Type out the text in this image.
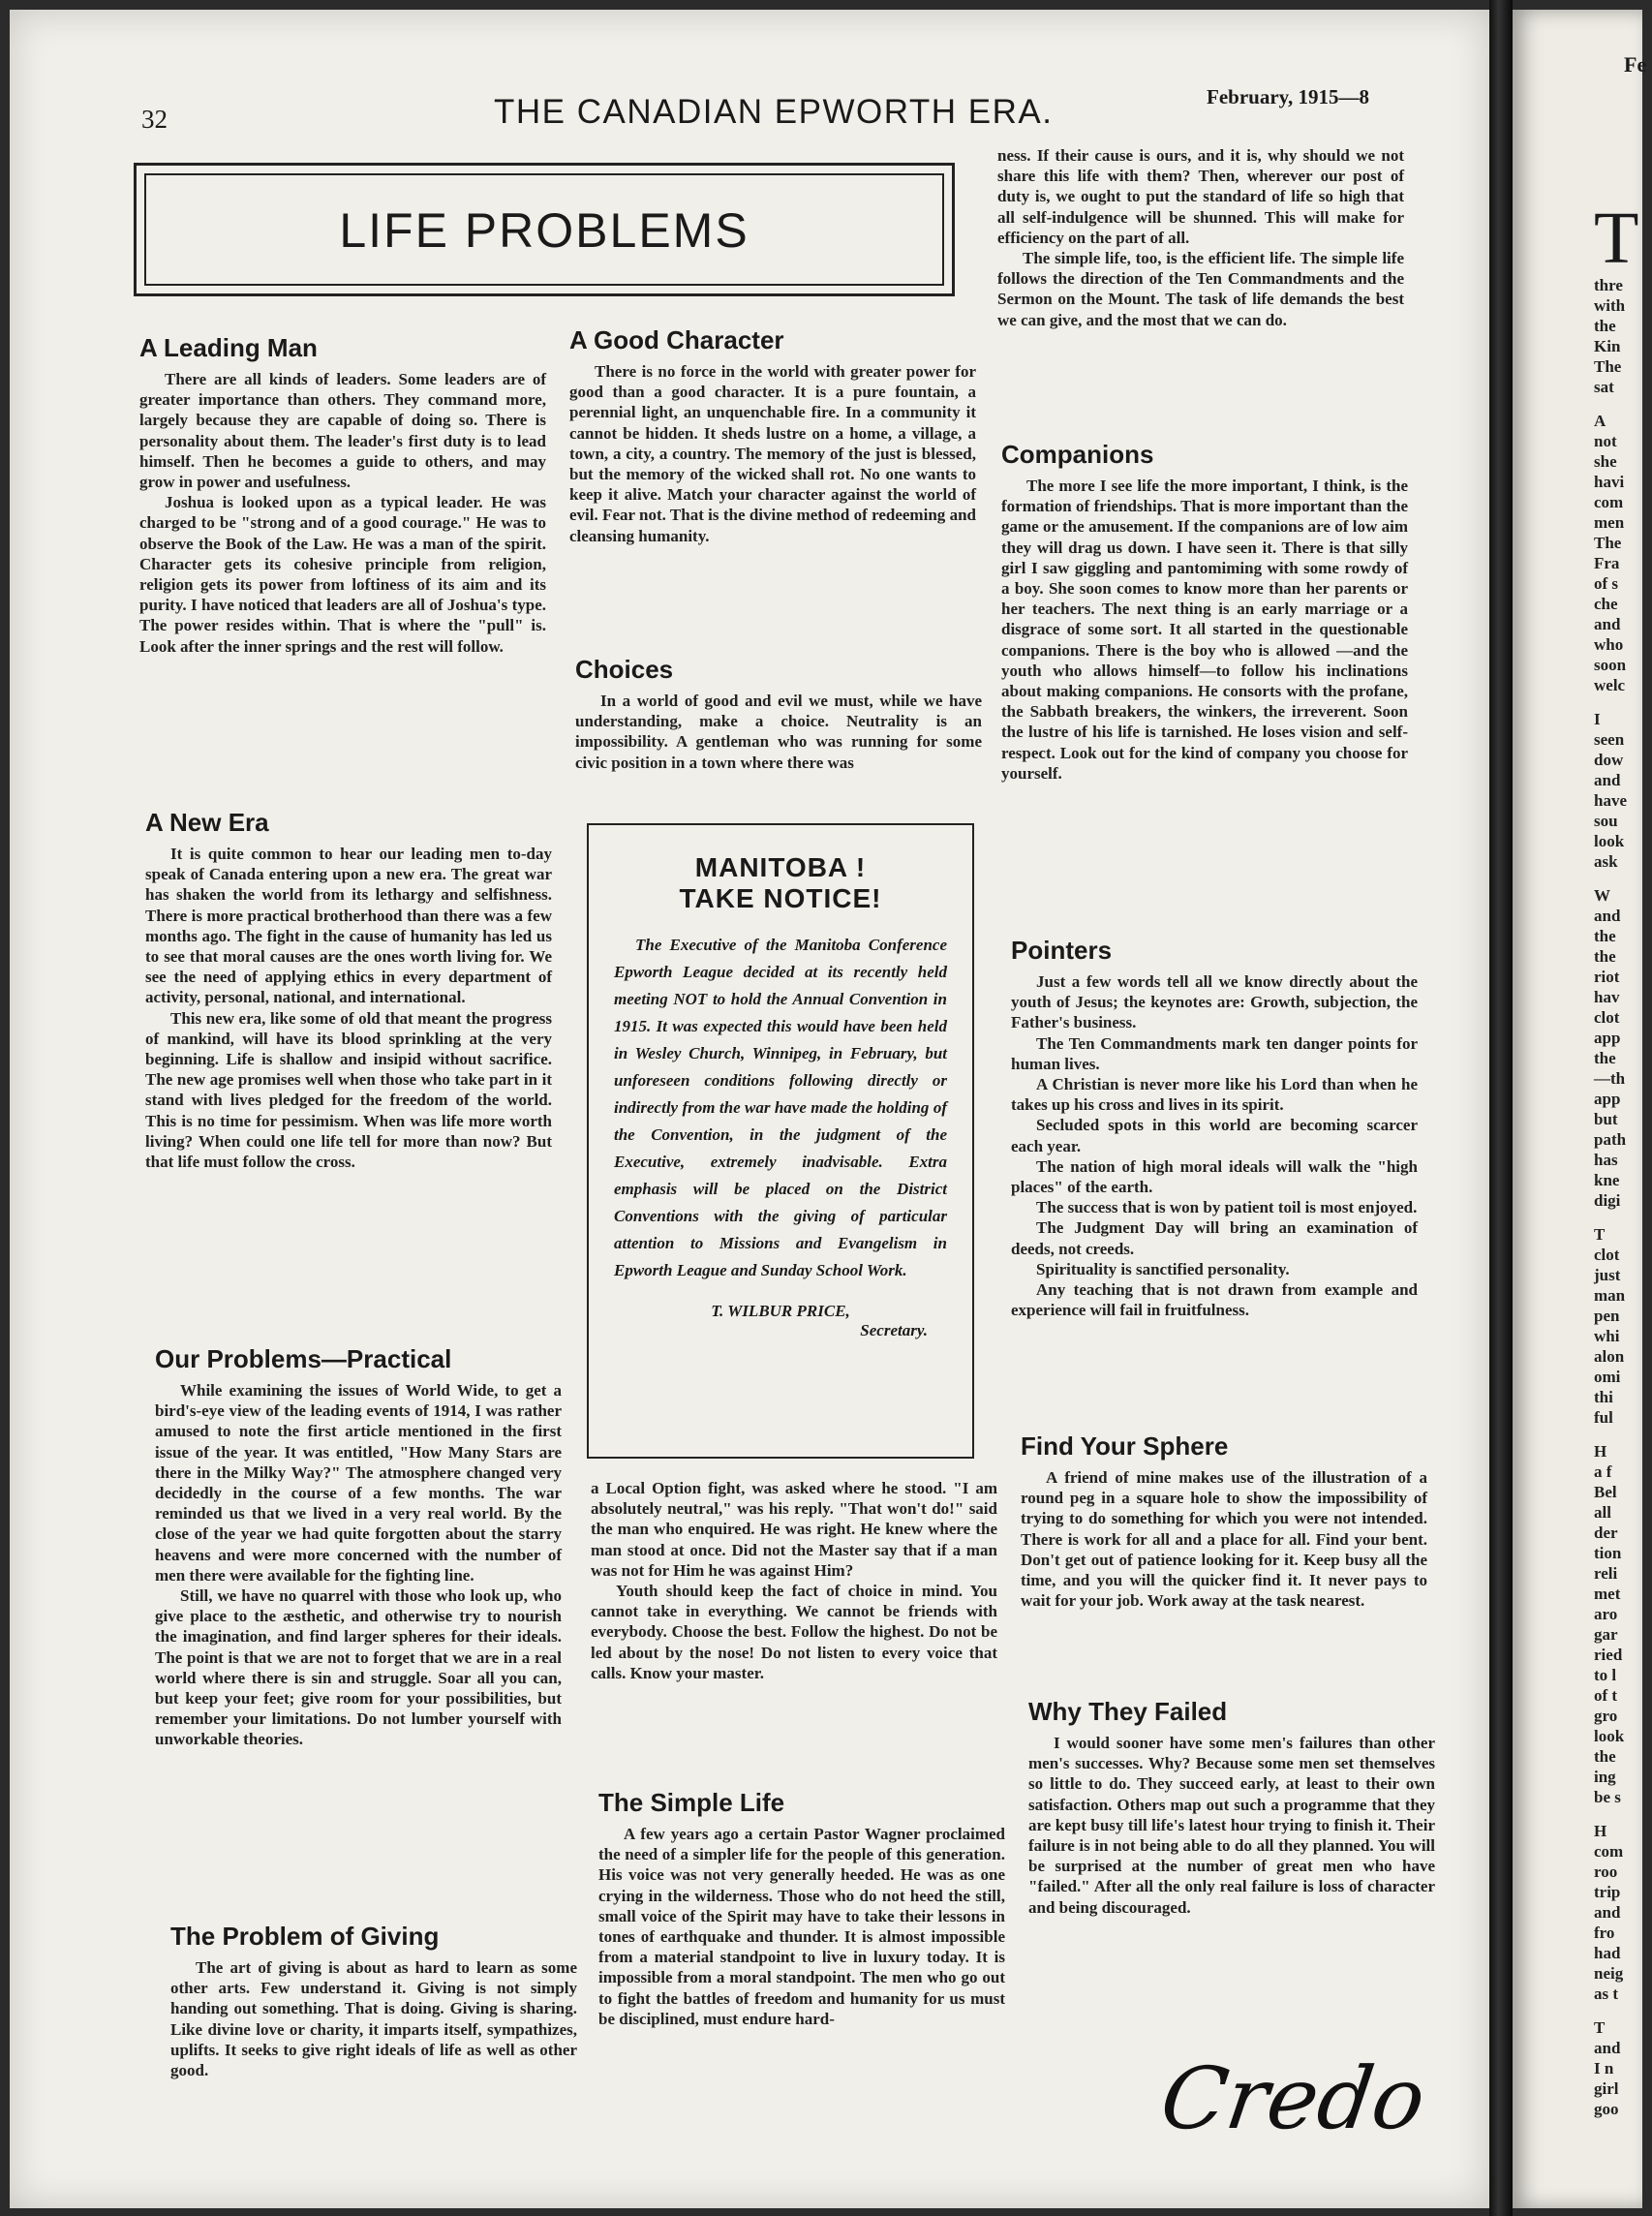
32	THE CANADIAN EPWORTH ERA.	February, 1915—8
LIFE PROBLEMS
A Leading Man

There are all kinds of leaders. Some leaders are of greater importance than others. They command more, largely because they are capable of doing so. There is personality about them. The leader's first duty is to lead himself. Then he becomes a guide to others, and may grow in power and usefulness.

Joshua is looked upon as a typical leader. He was charged to be "strong and of a good courage." He was to observe the Book of the Law. He was a man of the spirit. Character gets its cohesive principle from religion, religion gets its power from loftiness of its aim and its purity. I have noticed that leaders are all of Joshua's type. The power resides within. That is where the "pull" is. Look after the inner springs and the rest will follow.

A New Era

It is quite common to hear our leading men to-day speak of Canada entering upon a new era. The great war has shaken the world from its lethargy and selfishness. There is more practical brotherhood than there was a few months ago. The fight in the cause of humanity has led us to see that moral causes are the ones worth living for. We see the need of applying ethics in every department of activity, personal, national, and international.

This new era, like some of old that meant the progress of mankind, will have its blood sprinkling at the very beginning. Life is shallow and insipid without sacrifice. The new age promises well when those who take part in it stand with lives pledged for the freedom of the world. This is no time for pessimism. When was life more worth living? When could one life tell for more than now? But that life must follow the cross.

Our Problems—Practical

While examining the issues of World Wide, to get a bird's-eye view of the leading events of 1914, I was rather amused to note the first article mentioned in the first issue of the year. It was entitled, "How Many Stars are there in the Milky Way?" The atmosphere changed very decidedly in the course of a few months. The war reminded us that we lived in a very real world. By the close of the year we had quite forgotten about the starry heavens and were more concerned with the number of men there were available for the fighting line.

Still, we have no quarrel with those who look up, who give place to the æsthetic, and otherwise try to nourish the imagination, and find larger spheres for their ideals. The point is that we are not to forget that we are in a real world where there is sin and struggle. Soar all you can, but keep your feet; give room for your possibilities, but remember your limitations. Do not lumber yourself with unworkable theories.

The Problem of Giving

The art of giving is about as hard to learn as some other arts. Few understand it. Giving is not simply handing out something. That is doing. Giving is sharing. Like divine love or charity, it imparts itself, sympathizes, uplifts. It seeks to give right ideals of life as well as other good.

A Good Character

There is no force in the world with greater power for good than a good character. It is a pure fountain, a perennial light, an unquenchable fire. In a community it cannot be hidden. It sheds lustre on a home, a village, a town, a city, a country. The memory of the just is blessed, but the memory of the wicked shall rot. No one wants to keep it alive. Match your character against the world of evil. Fear not. That is the divine method of redeeming and cleansing humanity.

Choices

In a world of good and evil we must, while we have understanding, make a choice. Neutrality is an impossibility. A gentleman who was running for some civic position in a town where there was

MANITOBA !
TAKE NOTICE!
The Executive of the Manitoba Conference Epworth League decided at its recently held meeting NOT to hold the Annual Convention in 1915. It was expected this would have been held in Wesley Church, Winnipeg, in February, but unforeseen conditions following directly or indirectly from the war have made the holding of the Convention, in the judgment of the Executive, extremely inadvisable. Extra emphasis will be placed on the District Conventions with the giving of particular attention to Missions and Evangelism in Epworth League and Sunday School Work.
T. WILBUR PRICE,
Secretary.

a Local Option fight, was asked where he stood. "I am absolutely neutral," was his reply. "That won't do!" said the man who enquired. He was right. He knew where the man stood at once. Did not the Master say that if a man was not for Him he was against Him?

Youth should keep the fact of choice in mind. You cannot take in everything. We cannot be friends with everybody. Choose the best. Follow the highest. Do not be led about by the nose! Do not listen to every voice that calls. Know your master.

The Simple Life

A few years ago a certain Pastor Wagner proclaimed the need of a simpler life for the people of this generation. His voice was not very generally heeded. He was as one crying in the wilderness. Those who do not heed the still, small voice of the Spirit may have to take their lessons in tones of earthquake and thunder. It is almost impossible from a material standpoint to live in luxury today. It is impossible from a moral standpoint. The men who go out to fight the battles of freedom and humanity for us must be disciplined, must endure hard-

ness. If their cause is ours, and it is, why should we not share this life with them? Then, wherever our post of duty is, we ought to put the standard of life so high that all self-indulgence will be shunned. This will make for efficiency on the part of all.

The simple life, too, is the efficient life. The simple life follows the direction of the Ten Commandments and the Sermon on the Mount. The task of life demands the best we can give, and the most that we can do.

Companions

The more I see life the more important, I think, is the formation of friendships. That is more important than the game or the amusement. If the companions are of low aim they will drag us down. I have seen it. There is that silly girl I saw giggling and pantomiming with some rowdy of a boy. She soon comes to know more than her parents or her teachers. The next thing is an early marriage or a disgrace of some sort. It all started in the questionable companions. There is the boy who is allowed —and the youth who allows himself—to follow his inclinations about making companions. He consorts with the profane, the Sabbath breakers, the winkers, the irreverent. Soon the lustre of his life is tarnished. He loses vision and self-respect. Look out for the kind of company you choose for yourself.

Pointers

Just a few words tell all we know directly about the youth of Jesus; the keynotes are: Growth, subjection, the Father's business.

The Ten Commandments mark ten danger points for human lives.

A Christian is never more like his Lord than when he takes up his cross and lives in its spirit.

Secluded spots in this world are becoming scarcer each year.

The nation of high moral ideals will walk the "high places" of the earth.

The success that is won by patient toil is most enjoyed.

The Judgment Day will bring an examination of deeds, not creeds.

Spirituality is sanctified personality.

Any teaching that is not drawn from example and experience will fail in fruitfulness.

Find Your Sphere

A friend of mine makes use of the illustration of a round peg in a square hole to show the impossibility of trying to do something for which you were not intended. There is work for all and a place for all. Find your bent. Don't get out of patience looking for it. Keep busy all the time, and you will the quicker find it. It never pays to wait for your job. Work away at the task nearest.

Why They Failed

I would sooner have some men's failures than other men's successes. Why? Because some men set themselves so little to do. They succeed early, at least to their own satisfaction. Others map out such a programme that they are kept busy till life's latest hour trying to finish it. Their failure is in not being able to do all they planned. You will be surprised at the number of great men who have "failed." After all the only real failure is loss of character and being discouraged.

Credo
Fe
T
thre
with
the
Kin
The
sat
A
not
she
havi
com
men
The
Fra
of s
che
and
who
soon
welc
I
seen
dow
and
have
sou
look
ask
W
and
the
the
riot
hav
clot
app
the
—th
app
but
path
has
kne
digi
T
clot
just
man
pen
whi
alon
omi
thi
ful
H
a f
Bel
all
der
tion
reli
met
aro
gar
ried
to l
of t
gro
look
the
ing
be s
H
com
roo
trip
and
fro
had
neig
as t
T
and
I n
girl
goo
